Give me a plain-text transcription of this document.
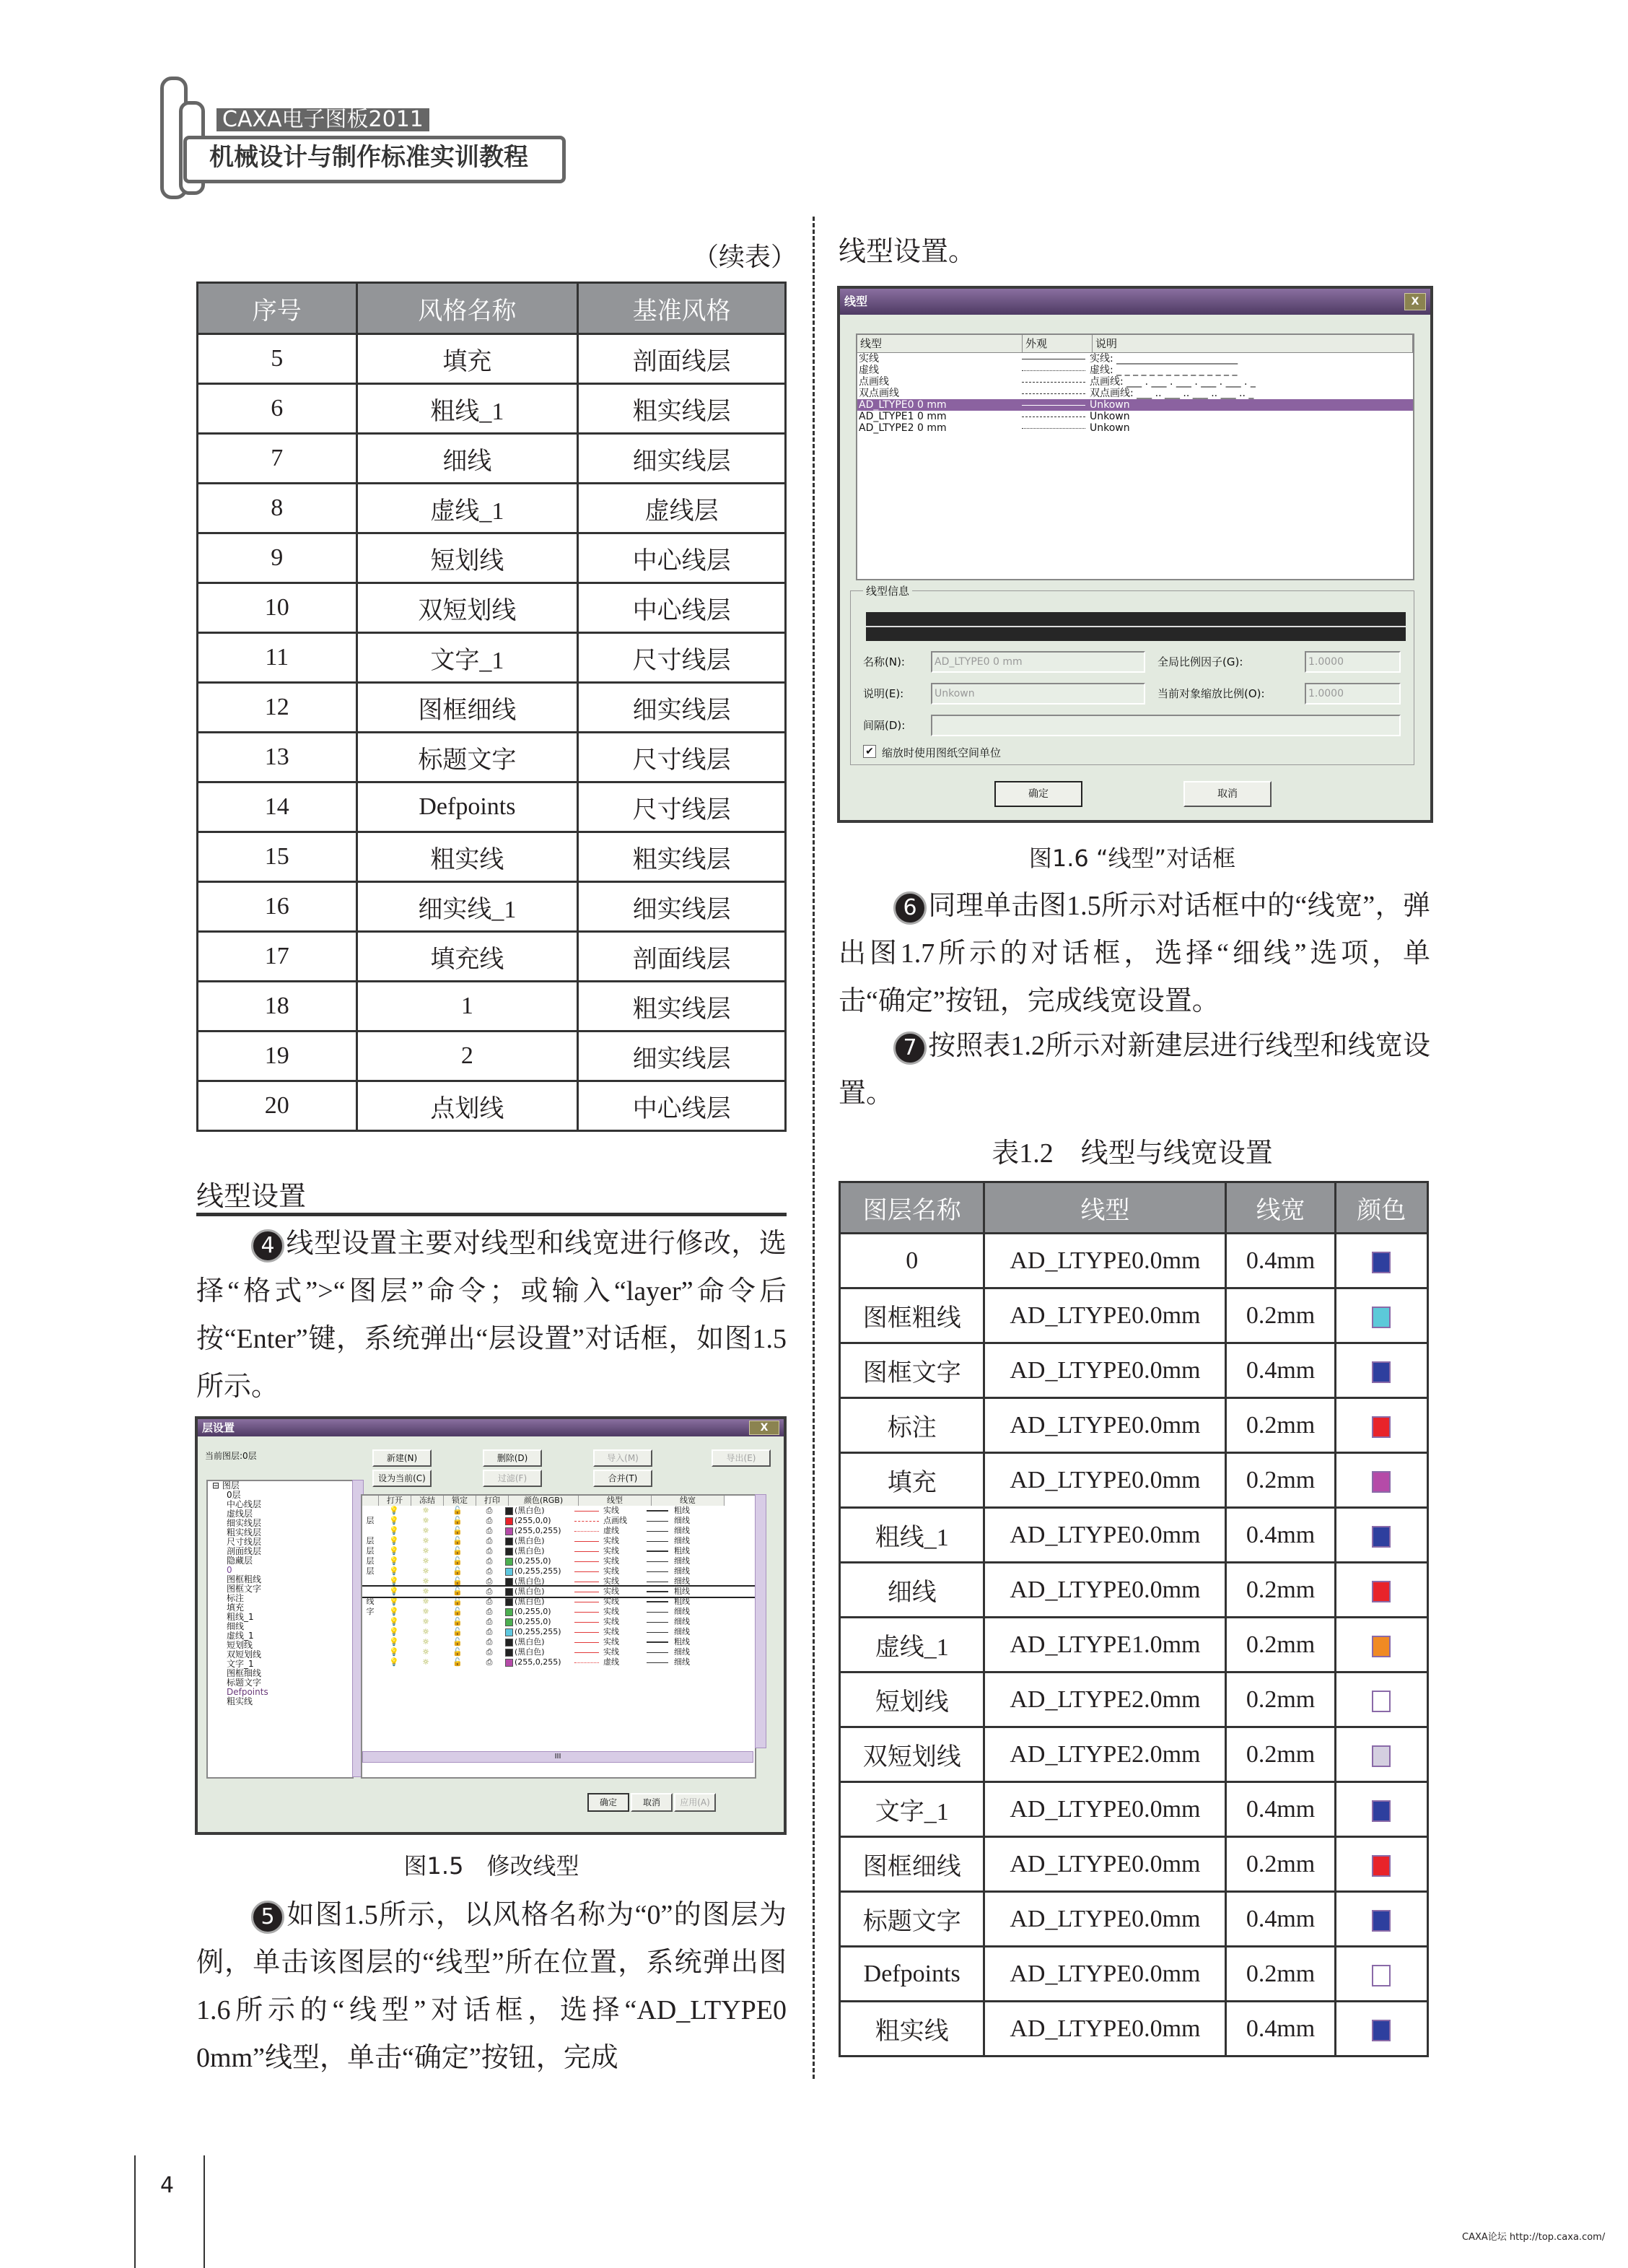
CAXA电子图板2011
机械设计与制作标准实训教程
（续表）
序号	风格名称	基准风格
5	填充	剖面线层
6	粗线_1	粗实线层
7	细线	细实线层
8	虚线_1	虚线层
9	短划线	中心线层
10	双短划线	中心线层
11	文字_1	尺寸线层
12	图框细线	细实线层
13	标题文字	尺寸线层
14	Defpoints	尺寸线层
15	粗实线	粗实线层
16	细实线_1	细实线层
17	填充线	剖面线层
18	1	粗实线层
19	2	细实线层
20	点划线	中心线层
线型设置
4 线型设置主要对线型和线宽进行修改，选择“格式”>“图层”命令；或输入“layer”命令后按“Enter”键，系统弹出“层设置”对话框，如图1.5所示。
层设置	X
当前图层:0层	新建(N)	删除(D)	导入(M)	导出(E)
设为当前(C)	过滤(F)	合并(T)
⊟ 图层
0层
中心线层
虚线层
细实线层
粗实线层
尺寸线层
剖面线层
隐藏层
0
图框粗线
图框文字
标注
填充
粗线_1
细线
虚线_1
短划线
双短划线
文字_1
图框细线
标题文字
Defpoints
粗实线
打开	冻结	锁定	打印	颜色(RGB)	线型	线宽
💡	☼	🔓	⎙	(黑白色)	实线	粗线
层	💡	☼	🔓	⎙	(255,0,0)	点画线	细线
💡	☼	🔓	⎙	(255,0,255)	虚线	细线
层	💡	☼	🔓	⎙	(黑白色)	实线	细线
层	💡	☼	🔓	⎙	(黑白色)	实线	粗线
层	💡	☼	🔓	⎙	(0,255,0)	实线	细线
层	💡	☼	🔓	⎙	(0,255,255)	实线	细线
💡	☼	🔓	⎙	(黑白色)	实线	细线
💡	☼	🔓	⎙	(黑白色)	实线	粗线
线	💡	☼	🔓	⎙	(黑白色)	实线	粗线
字	💡	☼	🔓	⎙	(0,255,0)	实线	细线
💡	☼	🔓	⎙	(0,255,0)	实线	细线
💡	☼	🔓	⎙	(0,255,255)	实线	细线
💡	☼	🔓	⎙	(黑白色)	实线	粗线
💡	☼	🔓	⎙	(黑白色)	实线	细线
💡	☼	🔓	⎙	(255,0,255)	虚线	细线
III
确定	取消	应用(A)
图1.5　修改线型
5 如图1.5所示，以风格名称为“0”的图层为例，单击该图层的“线型”所在位置，系统弹出图1.6所示的“线型”对话框，选择“AD_LTYPE0 0mm”线型，单击“确定”按钮，完成
线型设置。
线型	X
线型	外观	说明
实线	实线: ________________________
虚线	虚线: _ _ _ _ _ _ _ _ _ _ _ _ _ _ _
点画线	点画线: ___ . ___ . ___ . ___ . ___ . _
双点画线	双点画线: ___ .. ___ .. ___ .. ___ .. _
AD_LTYPE0 0 mm	Unkown
AD_LTYPE1 0 mm	Unkown
AD_LTYPE2 0 mm	Unkown
线型信息
名称(N):	AD_LTYPE0 0 mm	全局比例因子(G):	1.0000
说明(E):	Unkown	当前对象缩放比例(O):	1.0000
间隔(D):
✔ 缩放时使用图纸空间单位
确定	取消
图1.6 “线型”对话框
6 同理单击图1.5所示对话框中的“线宽”，弹出图1.7所示的对话框，选择“细线”选项，单击“确定”按钮，完成线宽设置。
7 按照表1.2所示对新建层进行线型和线宽设置。
表1.2　线型与线宽设置
图层名称	线型	线宽	颜色
0	AD_LTYPE0.0mm	0.4mm	
图框粗线	AD_LTYPE0.0mm	0.2mm	
图框文字	AD_LTYPE0.0mm	0.4mm	
标注	AD_LTYPE0.0mm	0.2mm	
填充	AD_LTYPE0.0mm	0.2mm	
粗线_1	AD_LTYPE0.0mm	0.4mm	
细线	AD_LTYPE0.0mm	0.2mm	
虚线_1	AD_LTYPE1.0mm	0.2mm	
短划线	AD_LTYPE2.0mm	0.2mm	
双短划线	AD_LTYPE2.0mm	0.2mm	
文字_1	AD_LTYPE0.0mm	0.4mm	
图框细线	AD_LTYPE0.0mm	0.2mm	
标题文字	AD_LTYPE0.0mm	0.4mm	
Defpoints	AD_LTYPE0.0mm	0.2mm	
粗实线	AD_LTYPE0.0mm	0.4mm	
4
CAXA论坛 http://top.caxa.com/
